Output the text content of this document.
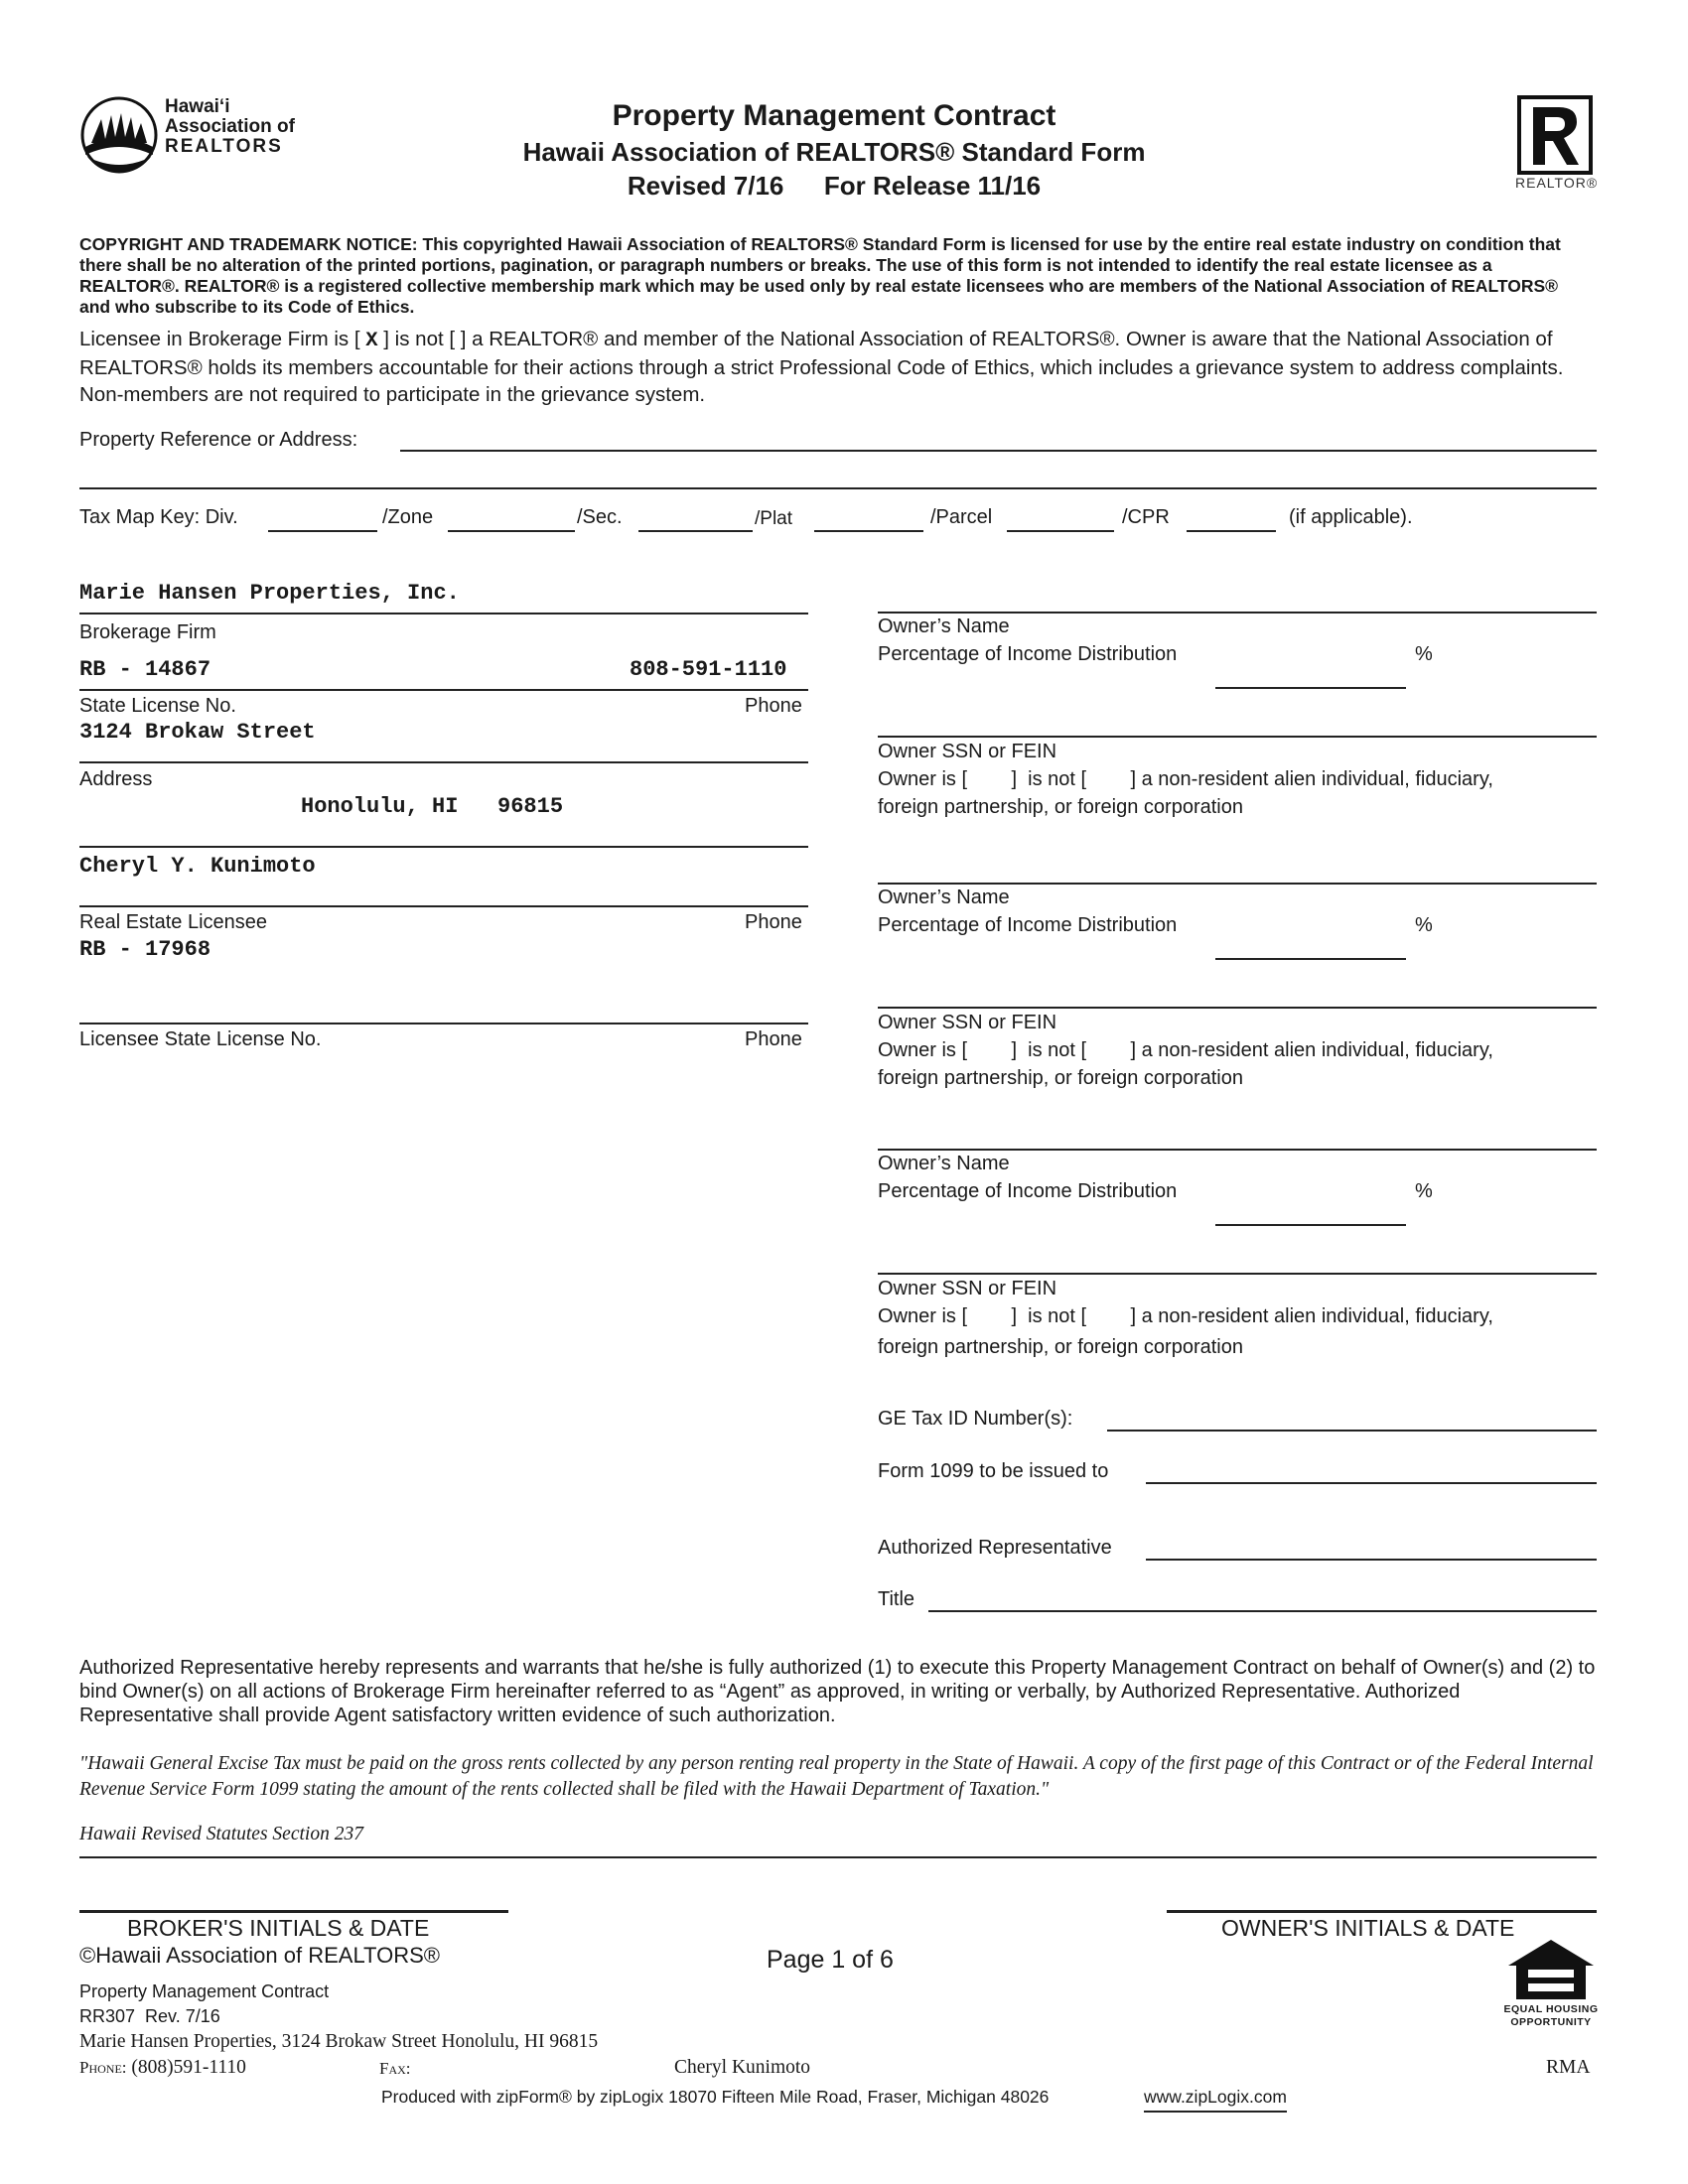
Hawai‘i
Association of
REALTORS
Property Management Contract
Hawaii Association of REALTORS® Standard Form
Revised 7/16 For Release 11/16	REALTOR®
COPYRIGHT AND TRADEMARK NOTICE: This copyrighted Hawaii Association of REALTORS® Standard Form is licensed for use by the entire real estate industry on condition that there shall be no alteration of the printed portions, pagination, or paragraph numbers or breaks. The use of this form is not intended to identify the real estate licensee as a REALTOR®. REALTOR® is a registered collective membership mark which may be used only by real estate licensees who are members of the National Association of REALTORS® and who subscribe to its Code of Ethics.
Licensee in Brokerage Firm is [ X ] is not [ ] a REALTOR® and member of the National Association of REALTORS®. Owner is aware that the National Association of REALTORS® holds its members accountable for their actions through a strict Professional Code of Ethics, which includes a grievance system to address complaints. Non-members are not required to participate in the grievance system.
Property Reference or Address:
Tax Map Key: Div.	/Zone	/Sec.	/Plat	/Parcel	/CPR	(if applicable).
Marie Hansen Properties, Inc.
Brokerage Firm
RB - 14867	808-591-1110
State License No.	Phone
3124 Brokaw Street
Address
Honolulu, HI   96815
Cheryl Y. Kunimoto
Real Estate Licensee	Phone
RB - 17968
Licensee State License No.	Phone
Owner’s Name
Percentage of Income Distribution	%
Owner SSN or FEIN
Owner is [        ]  is not [        ] a non-resident alien individual, fiduciary,
foreign partnership, or foreign corporation
Owner’s Name
Percentage of Income Distribution	%
Owner SSN or FEIN
Owner is [        ]  is not [        ] a non-resident alien individual, fiduciary,
foreign partnership, or foreign corporation
Owner’s Name
Percentage of Income Distribution	%
Owner SSN or FEIN
Owner is [        ]  is not [        ] a non-resident alien individual, fiduciary,
foreign partnership, or foreign corporation
GE Tax ID Number(s):
Form 1099 to be issued to
Authorized Representative
Title
Authorized Representative hereby represents and warrants that he/she is fully authorized (1) to execute this Property Management Contract on behalf of Owner(s) and (2) to bind Owner(s) on all actions of Brokerage Firm hereinafter referred to as “Agent” as approved, in writing or verbally, by Authorized Representative. Authorized Representative shall provide Agent satisfactory written evidence of such authorization.
"Hawaii General Excise Tax must be paid on the gross rents collected by any person renting real property in the State of Hawaii. A copy of the first page of this Contract or of the Federal Internal Revenue Service Form 1099 stating the amount of the rents collected shall be filed with the Hawaii Department of Taxation."
Hawaii Revised Statutes Section 237
BROKER'S INITIALS & DATE	OWNER'S INITIALS & DATE
©Hawaii Association of REALTORS®	Page 1 of 6
Property Management Contract
RR307  Rev. 7/16
Marie Hansen Properties, 3124 Brokaw Street Honolulu, HI 96815
Phone: (808)591-1110	Fax:	Cheryl Kunimoto	RMA
Produced with zipForm® by zipLogix 18070 Fifteen Mile Road, Fraser, Michigan 48026	www.zipLogix.com
EQUAL HOUSING
OPPORTUNITY
